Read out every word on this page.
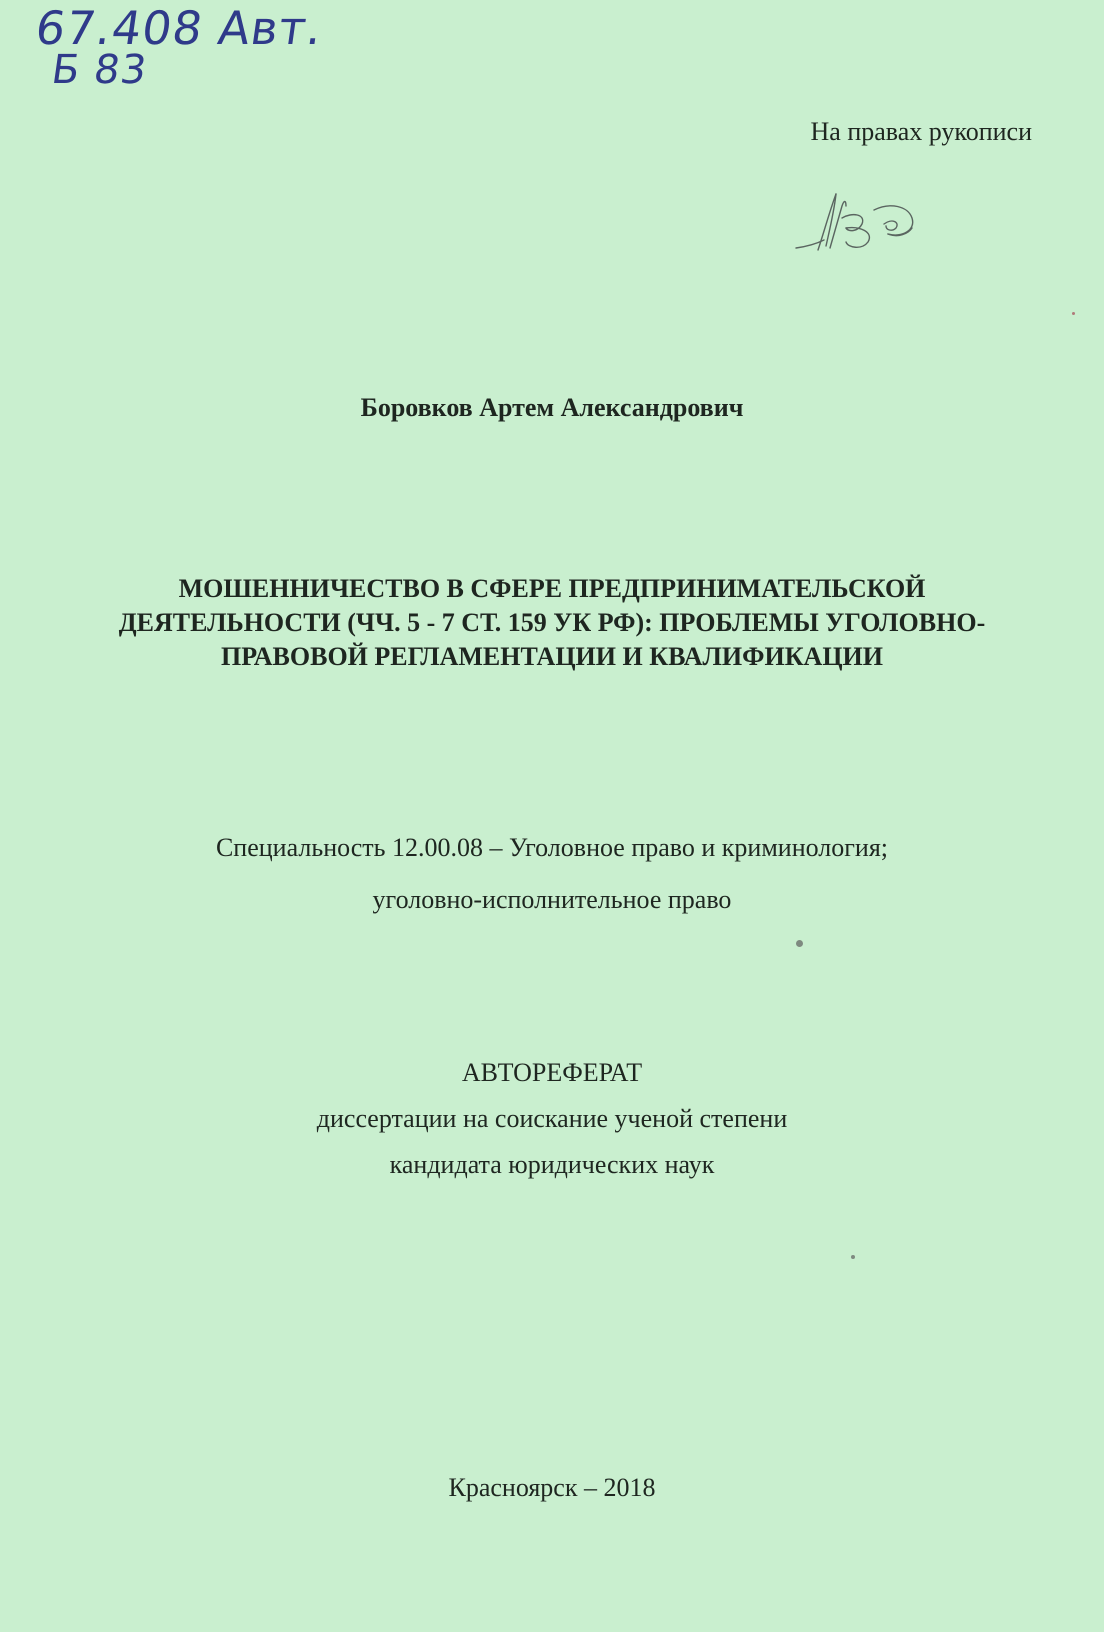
67.408 Авт.
Б 83
На правах рукописи
Боровков Артем Александрович
МОШЕННИЧЕСТВО В СФЕРЕ ПРЕДПРИНИМАТЕЛЬСКОЙ
ДЕЯТЕЛЬНОСТИ (ЧЧ. 5 - 7 СТ. 159 УК РФ): ПРОБЛЕМЫ УГОЛОВНО-
ПРАВОВОЙ РЕГЛАМЕНТАЦИИ И КВАЛИФИКАЦИИ
Специальность 12.00.08 – Уголовное право и криминология;
уголовно-исполнительное право
АВТОРЕФЕРАТ
диссертации на соискание ученой степени
кандидата юридических наук
Красноярск – 2018
